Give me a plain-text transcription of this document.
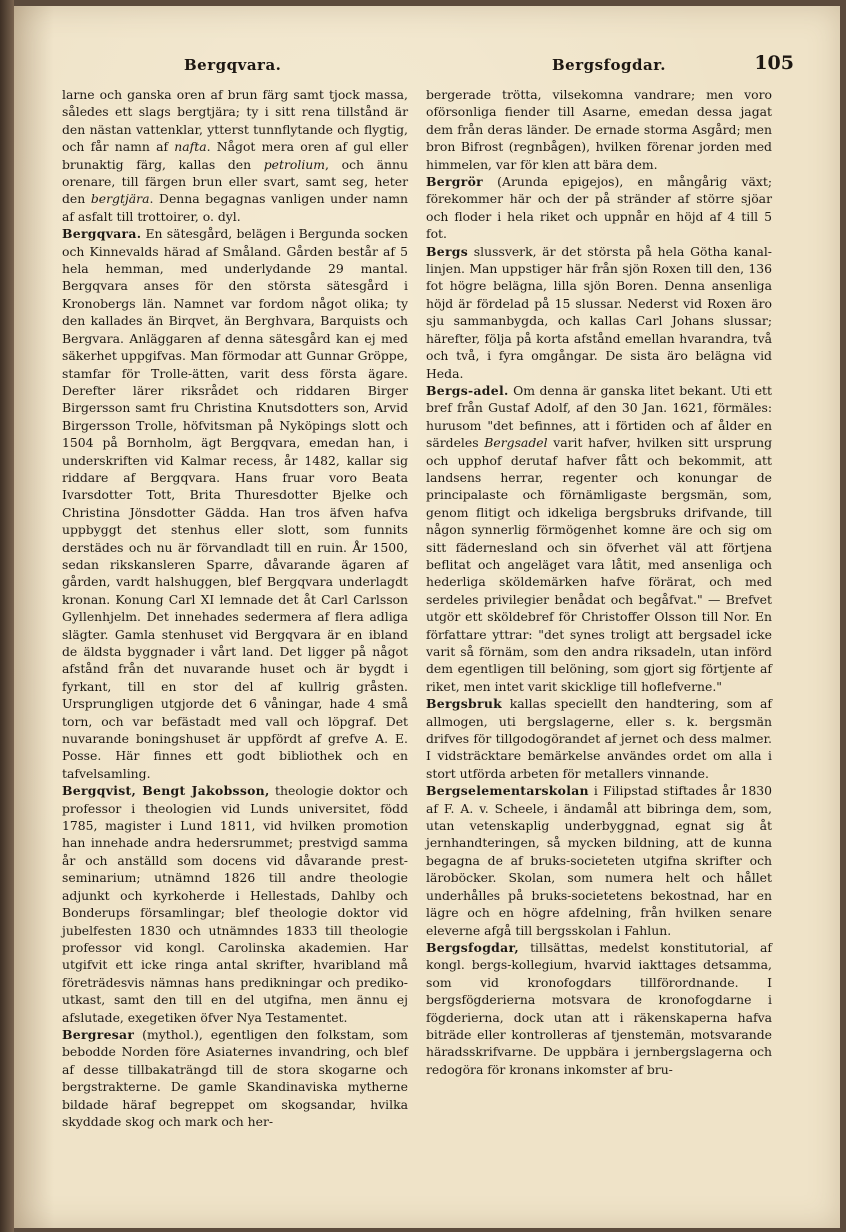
Bergqvara.	Bergsfogdar.	105

larne och ganska oren af brun färg samt tjock massa, således ett slags bergtjära; ty i sitt rena tillstånd är den nästan vattenklar, ytterst tunnflytande och flygtig, och får namn af nafta. Något mera oren af gul eller brunaktig färg, kallas den petrolium, och ännu orenare, till färgen brun eller svart, samt seg, heter den bergtjära. Denna begagnas vanligen under namn af asfalt till trottoirer, o. dyl.

Bergqvara. En sätesgård, belägen i Bergunda socken och Kinnevalds härad af Småland. Gården består af 5 hela hemman, med underlydande 29 mantal. Bergqvara anses för den största sätesgård i Kronobergs län. Namnet var fordom något olika; ty den kallades än Birqvet, än Berghvara, Barquists och Bergvara. Anläggaren af denna sätesgård kan ej med säkerhet uppgifvas. Man förmodar att Gunnar Gröppe, stamfar för Trolle-ätten, varit dess första ägare. Derefter lärer riksrådet och riddaren Birger Birgersson samt fru Christina Knutsdotters son, Arvid Birgersson Trolle, höfvitsman på Nyköpings slott och 1504 på Bornholm, ägt Bergqvara, emedan han, i underskriften vid Kalmar recess, år 1482, kallar sig riddare af Bergqvara. Hans fruar voro Beata Ivarsdotter Tott, Brita Thuresdotter Bjelke och Christina Jönsdotter Gädda. Han tros äfven hafva uppbyggt det stenhus eller slott, som funnits derstädes och nu är förvandladt till en ruin. År 1500, sedan rikskansleren Sparre, dåvarande ägaren af gården, vardt halshuggen, blef Bergqvara underlagdt kronan. Konung Carl XI lemnade det åt Carl Carlsson Gyllenhjelm. Det innehades sedermera af flera adliga slägter. Gamla stenhuset vid Bergqvara är en ibland de äldsta byggnader i vårt land. Det ligger på något afstånd från det nuvarande huset och är bygdt i fyrkant, till en stor del af kullrig gråsten. Ursprungligen utgjorde det 6 våningar, hade 4 små torn, och var befästadt med vall och löpgraf. Det nuvarande boningshuset är uppfördt af grefve A. E. Posse. Här finnes ett godt bibliothek och en tafvelsamling.

Bergqvist, Bengt Jakobsson, theologie doktor och professor i theologien vid Lunds universitet, född 1785, magister i Lund 1811, vid hvilken promotion han innehade andra hedersrummet; prestvigd samma år och anställd som docens vid dåvarande prest-seminarium; utnämnd 1826 till andre theologie adjunkt och kyrkoherde i Hellestads, Dahlby och Bonderups församlingar; blef theologie doktor vid jubelfesten 1830 och utnämndes 1833 till theologie professor vid kongl. Carolinska akademien. Har utgifvit ett icke ringa antal skrifter, hvaribland må företrädesvis nämnas hans predikningar och prediko-utkast, samt den till en del utgifna, men ännu ej afslutade, exegetiken öfver Nya Testamentet.

Bergresar (mythol.), egentligen den folkstam, som bebodde Norden före Asiaternes invandring, och blef af desse tillbakaträngd till de stora skogarne och bergstrakterne. De gamle Skandinaviska mytherne bildade häraf begreppet om skogsandar, hvilka skyddade skog och mark och her-

bergerade trötta, vilsekomna vandrare; men voro oförsonliga fiender till Asarne, emedan dessa jagat dem från deras länder. De ernade stormа Asgård; men bron Bifrost (regnbågen), hvilken förenar jorden med himmelen, var för klen att bära dem.

Bergrör (Arunda epigejos), en mångårig växt; förekommer här och der på stränder af större sjöar och floder i hela riket och uppnår en höjd af 4 till 5 fot.

Bergs slussverk, är det största på hela Götha kanal-linjen. Man uppstiger här från sjön Roxen till den, 136 fot högre belägna, lilla sjön Boren. Denna ansenliga höjd är fördelad på 15 slussar. Nederst vid Roxen äro sju sammanbygda, och kallas Carl Johans slussar; härefter, följa på korta afstånd emellan hvarandra, två och två, i fyra omgångar. De sista äro belägna vid Heda.

Bergs-adel. Om denna är ganska litet bekant. Uti ett bref från Gustaf Adolf, af den 30 Jan. 1621, förmäles: hurusom "det befinnes, att i förtiden och af ålder en särdeles Bergsadel varit hafver, hvilken sitt ursprung och upphof derutaf hafver fått och bekommit, att landsens herrar, regenter och konungar de principalaste och förnämligaste bergsmän, som, genom flitigt och idkeliga bergsbruks drifvande, till någon synnerlig förmögenhet komne äre och sig om sitt fäderneslаnd och sin öfverhet väl att förtjena beflitat och angeläget vara låtit, med ansenliga och hederliga sköldemärken hafve förärat, och med serdeles privilegier benådat och begåfvat." — Brefvet utgör ett sköldebref för Christoffer Olsson till Nor. En författare yttrar: "det synes troligt att bergsadel icke varit så förnäm, som den andra riksadeln, utan införd dem egentligen till belöning, som gjort sig förtjente af riket, men intet varit skicklige till hoflefverne."

Bergsbruk kallas speciellt den handtering, som af allmogen, uti bergslagerne, eller s. k. bergsmän drifves för tillgodogörandet af jernet och dess malmer. I vidsträcktare bemärkelse användes ordet om alla i stort utförda arbeten för metallers vinnande.

Bergselementarskolan i Filipstad stiftades år 1830 af F. A. v. Scheele, i ändamål att bibringa dem, som, utan vetenskaplig underbyggnad, egnat sig åt jernhandteringen, så mycken bildning, att de kunna begagna de af bruks-societeten utgifna skrifter och läroböcker. Skolan, som numera helt och hållet underhålles på bruks-societetens bekostnad, har en lägre och en högre afdelning, från hvilken senare eleverne afgå till bergsskolan i Fahlun.

Bergsfogdar, tillsättas, medelst konstitutorial, af kongl. bergs-kollegium, hvarvid iakttages detsamma, som vid kronofogdars tillförordnande. I bergsfögderierna motsvara de kronofogdarne i fögderierna, dock utan att i räkenskaperna hafva biträde eller kontrolleras af tjenstemän, motsvarande häradsskrifvarne. De uppbära i jernbergslagerna och redogöra för kronans inkomster af bru-
